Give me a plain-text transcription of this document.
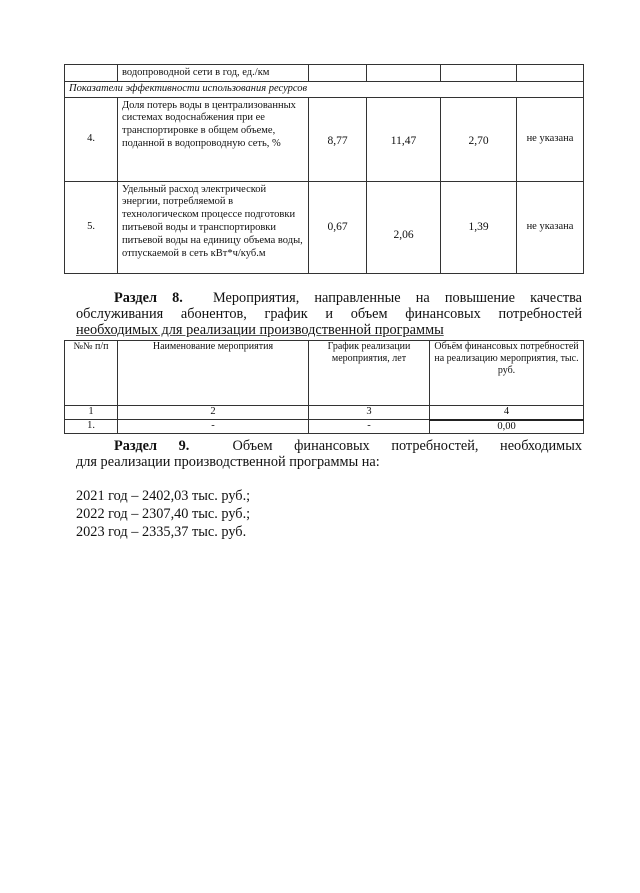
	водопроводной сети в год, ед./км				
Показатели эффективности использования ресурсов					
4.	Доля потерь воды в централизованных системах водоснабжения при ее транспортировке в общем объеме, поданной в водопроводную сеть, %	8,77	11,47	2,70	не указана
5.	Удельный расход электрической энергии, потребляемой в технологическом процессе подготовки питьевой воды и транспортировки питьевой воды на единицу объема воды, отпускаемой в сеть кВт*ч/куб.м	0,67	2,06	1,39	не указана
Раздел 8. Мероприятия, направленные на повышение качества
обслуживания абонентов, график и объем финансовых потребностей
необходимых для реализации производственной программы
№№ п/п	Наименование мероприятия	График реализации мероприятия, лет	Объём финансовых потребностей на реализацию мероприятия, тыс. руб.
1	2	3	4
1.	-	-	0,00
Раздел 9.	Объем финансовых потребностей, необходимых
для реализации производственной программы на:
2021 год – 2402,03 тыс. руб.;
2022 год – 2307,40 тыс. руб.;
2023 год – 2335,37 тыс. руб.
